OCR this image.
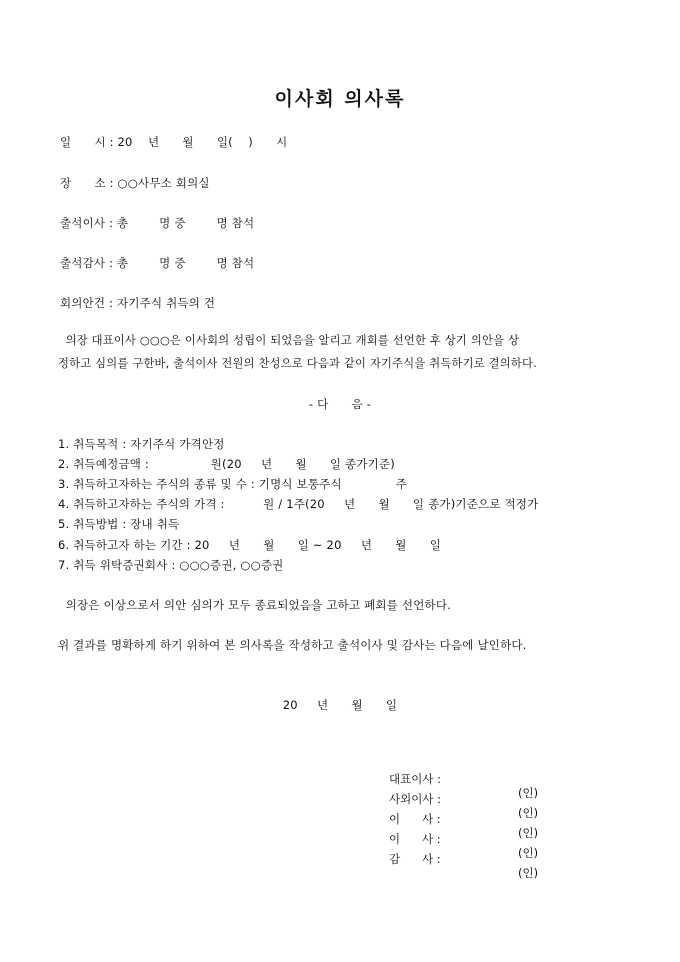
이사회 의사록
일      시 : 20    년      월      일(    )      시
장      소 : ○○사무소 회의실
출석이사 : 총        명 중        명 참석
출석감사 : 총        명 중        명 참석
회의안건 : 자기주식 취득의 건
의장 대표이사 ○○○은 이사회의 성립이 되었음을 알리고 개회를 선언한 후 상기 의안을 상
정하고 심의를 구한바, 출석이사 전원의 찬성으로 다음과 같이 자기주식을 취득하기로 결의하다.
- 다      음 -
1. 취득목적 : 자기주식 가격안정
2. 취득예정금액 :                원(20     년      월      일 종가기준)
3. 취득하고자하는 주식의 종류 및 수 : 기명식 보통주식              주
4. 취득하고자하는 주식의 가격 :          원 / 1주(20     년      월      일 종가)기준으로 적정가
5. 취득방법 : 장내 취득
6. 취득하고자 하는 기간 : 20     년      월      일 ~ 20     년      월      일
7. 취득 위탁증권회사 : ○○○증권, ○○증권
의장은 이상으로서 의안 심의가 모두 종료되었음을 고하고 폐회를 선언하다.
위 결과를 명확하게 하기 위하여 본 의사록을 작성하고 출석이사 및 감사는 다음에 날인하다.
20     년      월      일

대표이사 :

(인)

사외이사 :

(인)

이      사 :

(인)

이      사 :

(인)

감      사 :

(인)
